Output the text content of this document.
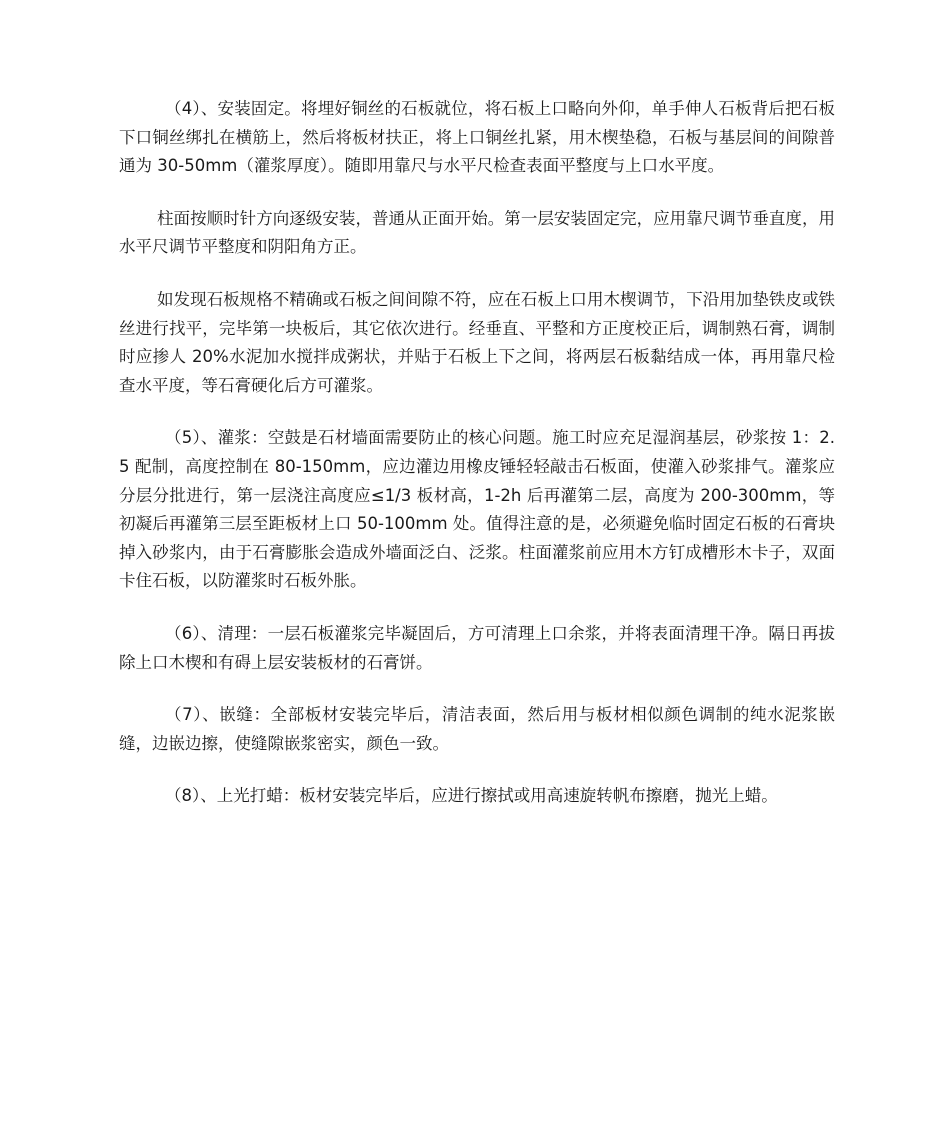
（4）、安装固定。将埋好铜丝的石板就位，将石板上口略向外仰，单手伸人石板背后把石板下口铜丝绑扎在横筋上，然后将板材扶正，将上口铜丝扎紧，用木楔垫稳，石板与基层间的间隙普通为 30-50mm（灌浆厚度）。随即用靠尺与水平尺检查表面平整度与上口水平度。

柱面按顺时针方向逐级安装，普通从正面开始。第一层安装固定完，应用靠尺调节垂直度，用水平尺调节平整度和阴阳角方正。

如发现石板规格不精确或石板之间间隙不符，应在石板上口用木楔调节，下沿用加垫铁皮或铁丝进行找平，完毕第一块板后，其它依次进行。经垂直、平整和方正度校正后，调制熟石膏，调制时应掺人 20%水泥加水搅拌成粥状，并贴于石板上下之间，将两层石板黏结成一体，再用靠尺检查水平度，等石膏硬化后方可灌浆。

（5）、灌浆：空鼓是石材墙面需要防止的核心问题。施工时应充足湿润基层，砂浆按 1：2.5 配制，高度控制在 80-150mm，应边灌边用橡皮锤轻轻敲击石板面，使灌入砂浆排气。灌浆应分层分批进行，第一层浇注高度应≤1/3 板材高，1-2h 后再灌第二层，高度为 200-300mm，等初凝后再灌第三层至距板材上口 50-100mm 处。值得注意的是，必须避免临时固定石板的石膏块掉入砂浆内，由于石膏膨胀会造成外墙面泛白、泛浆。柱面灌浆前应用木方钉成槽形木卡子，双面卡住石板，以防灌浆时石板外胀。

（6）、清理：一层石板灌浆完毕凝固后，方可清理上口余浆，并将表面清理干净。隔日再拔除上口木楔和有碍上层安装板材的石膏饼。

（7）、嵌缝：全部板材安装完毕后，清洁表面，然后用与板材相似颜色调制的纯水泥浆嵌缝，边嵌边擦，使缝隙嵌浆密实，颜色一致。

（8）、上光打蜡：板材安装完毕后，应进行擦拭或用高速旋转帆布擦磨，抛光上蜡。
